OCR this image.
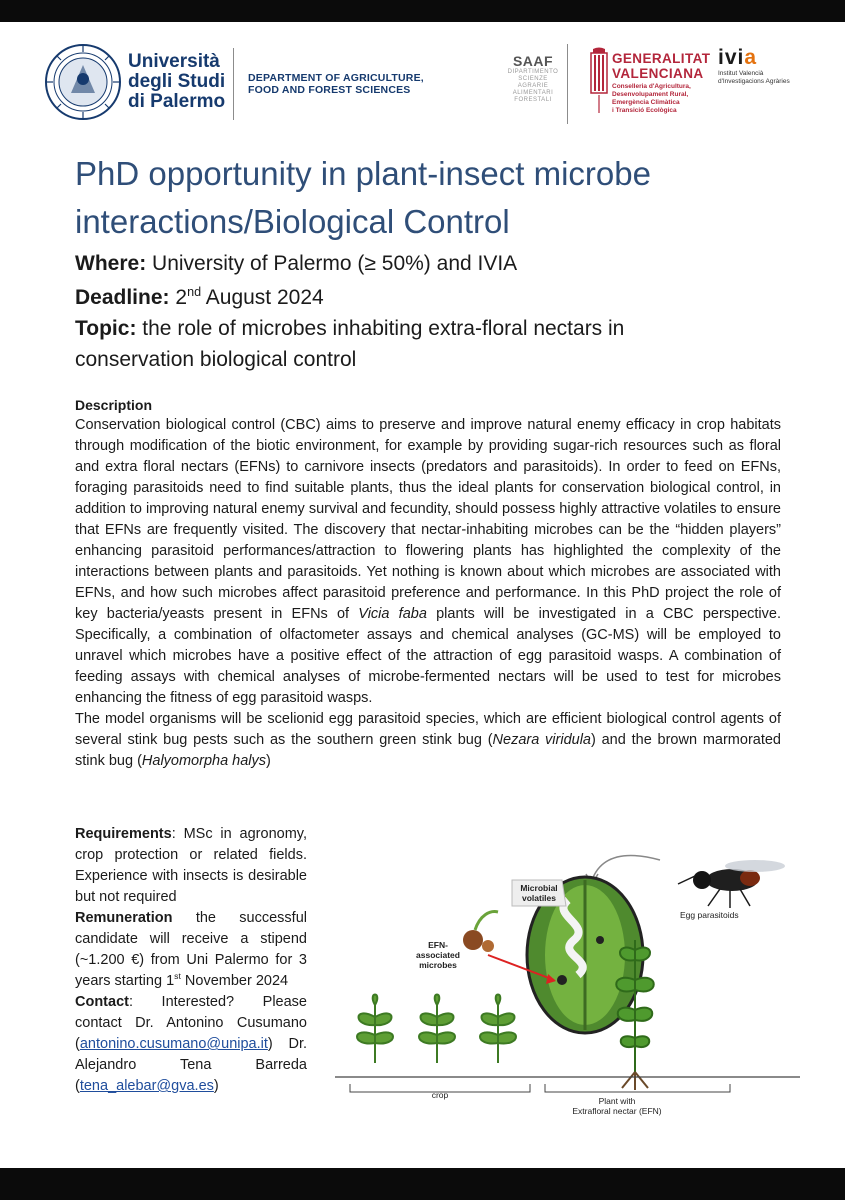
Università
degli Studi
di Palermo
DEPARTMENT OF AGRICULTURE,
FOOD AND FOREST SCIENCES
SAAF
DIPARTIMENTO
SCIENZE
AGRARIE
ALIMENTARI
FORESTALI
GENERALITAT
VALENCIANA
Conselleria d'Agricultura,
Desenvolupament Rural,
Emergència Climàtica
i Transició Ecològica
ivia
Institut Valencià
d'Investigacions Agràries
PhD opportunity in plant-insect microbe
interactions/Biological Control
Where: University of Palermo (≥ 50%) and IVIA
Deadline: 2nd August 2024
Topic: the role of microbes inhabiting extra-floral nectars in
conservation biological control
Description

Conservation biological control (CBC) aims to preserve and improve natural enemy efficacy in crop habitats through modification of the biotic environment, for example by providing sugar-rich resources such as floral and extra floral nectars (EFNs) to carnivore insects (predators and parasitoids). In order to feed on EFNs, foraging parasitoids need to find suitable plants, thus the ideal plants for conservation biological control, in addition to improving natural enemy survival and fecundity, should possess highly attractive volatiles to ensure that EFNs are frequently visited. The discovery that nectar-inhabiting microbes can be the “hidden players” enhancing parasitoid performances/attraction to flowering plants has highlighted the complexity of the interactions between plants and parasitoids. Yet nothing is known about which microbes are associated with EFNs, and how such microbes affect parasitoid preference and performance. In this PhD project the role of key bacteria/yeasts present in EFNs of Vicia faba plants will be investigated in a CBC perspective. Specifically, a combination of olfactometer assays and chemical analyses (GC-MS) will be employed to unravel which microbes have a positive effect of the attraction of egg parasitoid wasps. A combination of feeding assays with chemical analyses of microbe-fermented nectars will be used to test for microbes enhancing the fitness of egg parasitoid wasps.

The model organisms will be scelionid egg parasitoid species, which are efficient biological control agents of several stink bug pests such as the southern green stink bug (Nezara viridula) and the brown marmorated stink bug (Halyomorpha halys)

Requirements: MSc in agronomy, crop protection or related fields. Experience with insects is desirable but not required

Remuneration the successful candidate will receive a stipend (~1.200 €) from Uni Palermo for 3 years starting 1st November 2024

Contact: Interested? Please contact Dr. Antonino Cusumano (antonino.cusumano@unipa.it) Dr. Alejandro Tena Barreda (tena_alebar@gva.es)

Egg parasitoids
Microbial
volatiles
EFN-
associated
microbes
crop
Plant with
Extrafloral nectar (EFN)
